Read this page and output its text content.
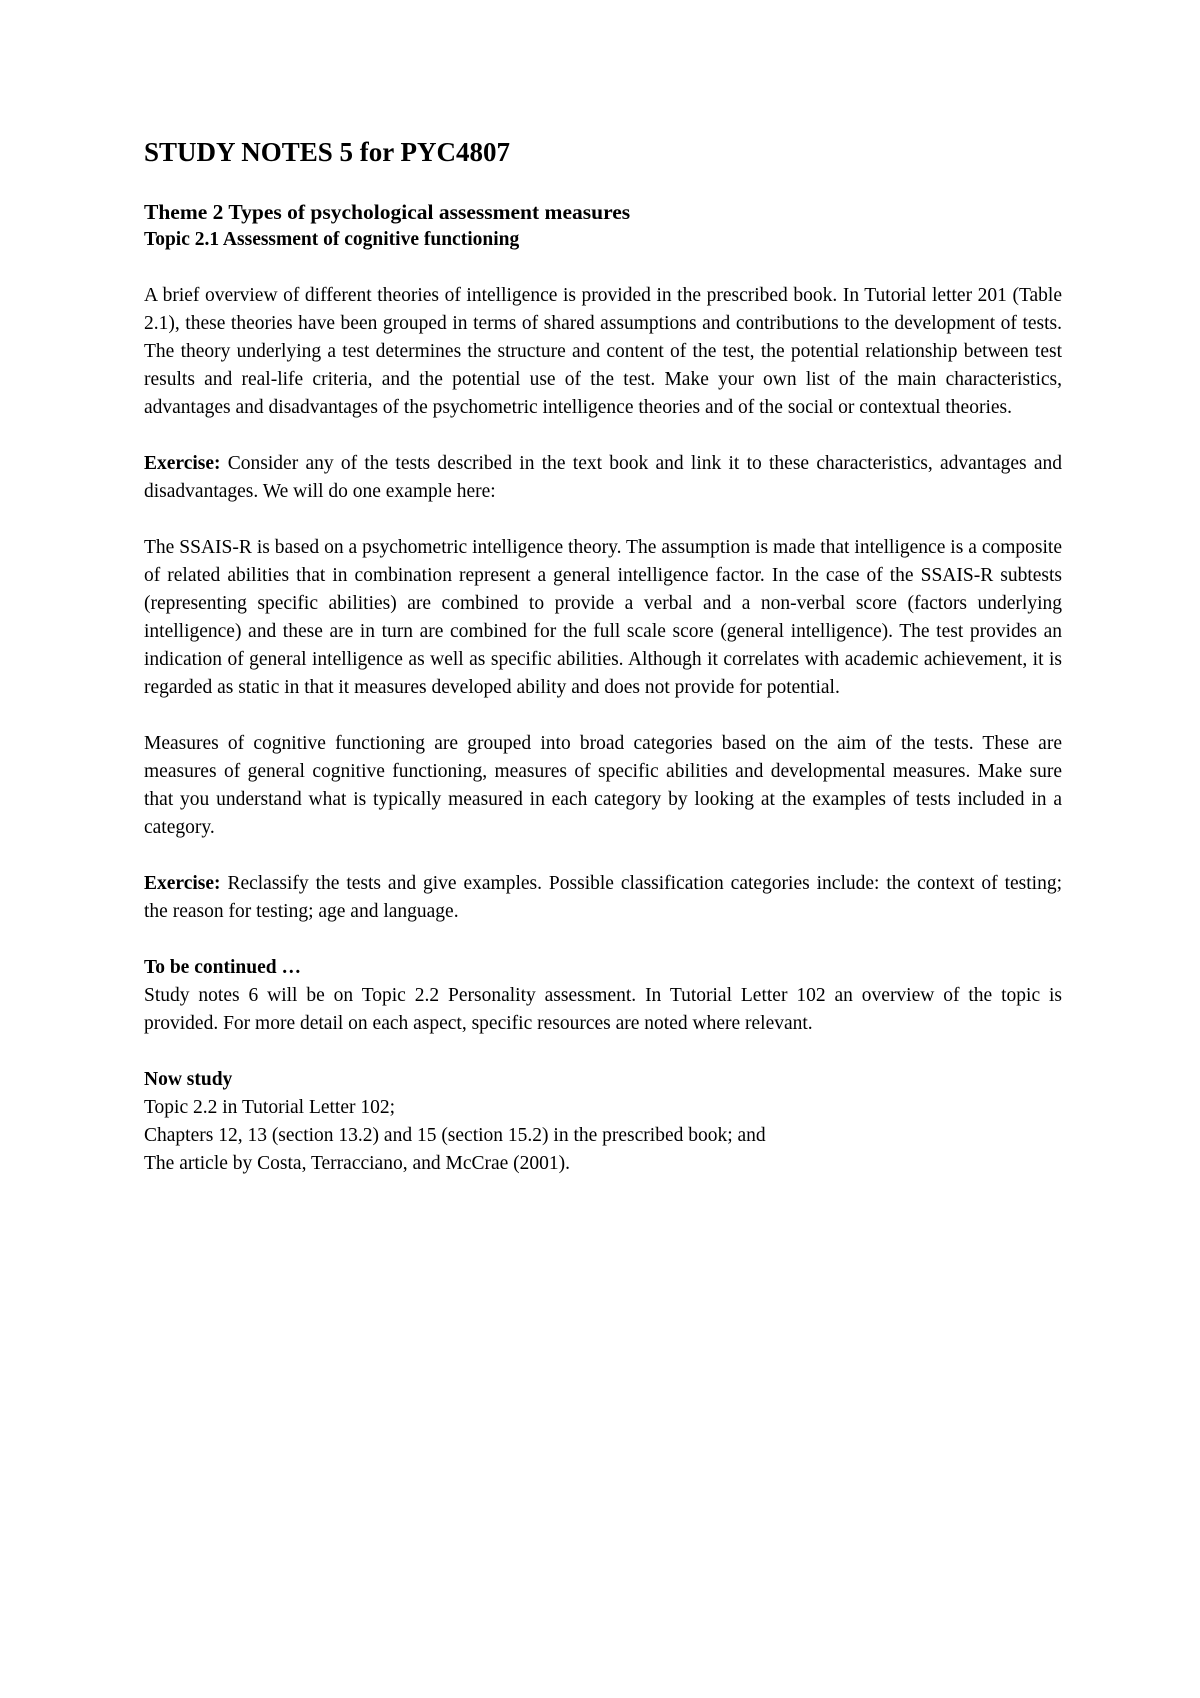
STUDY NOTES 5 for PYC4807
Theme 2 Types of psychological assessment measures
Topic 2.1 Assessment of cognitive functioning

A brief overview of different theories of intelligence is provided in the prescribed book. In Tutorial letter 201 (Table 2.1), these theories have been grouped in terms of shared assumptions and contributions to the development of tests. The theory underlying a test determines the structure and content of the test, the potential relationship between test results and real-life criteria, and the potential use of the test. Make your own list of the main characteristics, advantages and disadvantages of the psychometric intelligence theories and of the social or contextual theories.

Exercise: Consider any of the tests described in the text book and link it to these characteristics, advantages and disadvantages. We will do one example here:

The SSAIS-R is based on a psychometric intelligence theory. The assumption is made that intelligence is a composite of related abilities that in combination represent a general intelligence factor. In the case of the SSAIS-R subtests (representing specific abilities) are combined to provide a verbal and a non-verbal score (factors underlying intelligence) and these are in turn are combined for the full scale score (general intelligence). The test provides an indication of general intelligence as well as specific abilities. Although it correlates with academic achievement, it is regarded as static in that it measures developed ability and does not provide for potential.

Measures of cognitive functioning are grouped into broad categories based on the aim of the tests. These are measures of general cognitive functioning, measures of specific abilities and developmental measures. Make sure that you understand what is typically measured in each category by looking at the examples of tests included in a category.

Exercise: Reclassify the tests and give examples. Possible classification categories include: the context of testing; the reason for testing; age and language.

To be continued …
Study notes 6 will be on Topic 2.2 Personality assessment. In Tutorial Letter 102 an overview of the topic is provided. For more detail on each aspect, specific resources are noted where relevant.

Now study
Topic 2.2 in Tutorial Letter 102;
Chapters 12, 13 (section 13.2) and 15 (section 15.2) in the prescribed book; and
The article by Costa, Terracciano, and McCrae (2001).
